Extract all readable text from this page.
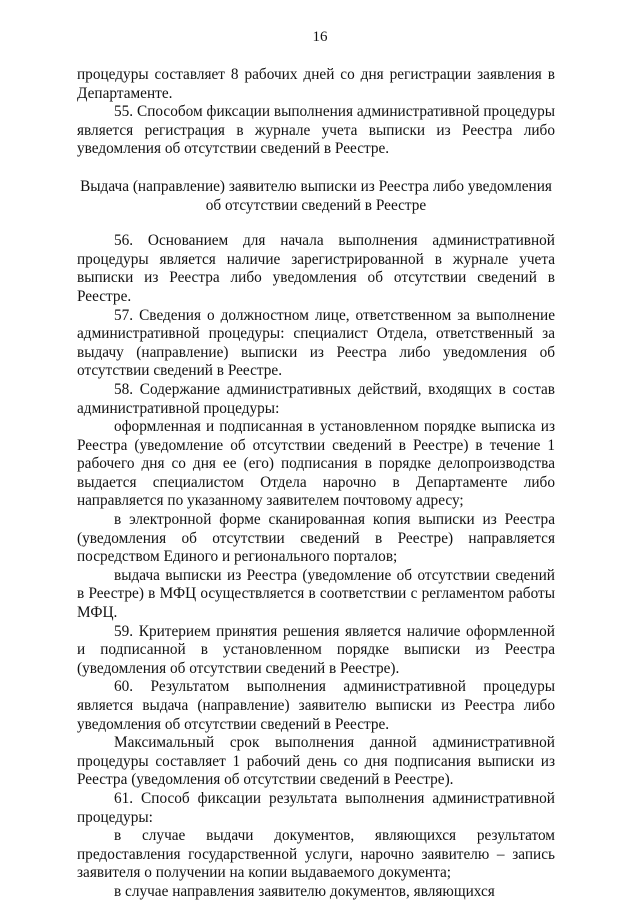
16

процедуры составляет 8 рабочих дней со дня регистрации заявления в Департаменте.

55. Способом фиксации выполнения административной процедуры является регистрация в журнале учета выписки из Реестра либо уведомления об отсутствии сведений в Реестре.

Выдача (направление) заявителю выписки из Реестра либо уведомления
об отсутствии сведений в Реестре

56. Основанием для начала выполнения административной процедуры является наличие зарегистрированной в журнале учета выписки из Реестра либо уведомления об отсутствии сведений в Реестре.

57. Сведения о должностном лице, ответственном за выполнение административной процедуры: специалист Отдела, ответственный за выдачу (направление) выписки из Реестра либо уведомления об отсутствии сведений в Реестре.

58. Содержание административных действий, входящих в состав административной процедуры:

оформленная и подписанная в установленном порядке выписка из Реестра (уведомление об отсутствии сведений в Реестре) в течение 1 рабочего дня со дня ее (его) подписания в порядке делопроизводства выдается специалистом Отдела нарочно в Департаменте либо направляется по указанному заявителем почтовому адресу;

в электронной форме сканированная копия выписки из Реестра (уведомления об отсутствии сведений в Реестре) направляется посредством Единого и регионального порталов;

выдача выписки из Реестра (уведомление об отсутствии сведений в Реестре) в МФЦ осуществляется в соответствии с регламентом работы МФЦ.

59. Критерием принятия решения является наличие оформленной и подписанной в установленном порядке выписки из Реестра (уведомления об отсутствии сведений в Реестре).

60. Результатом выполнения административной процедуры является выдача (направление) заявителю выписки из Реестра либо уведомления об отсутствии сведений в Реестре.

Максимальный срок выполнения данной административной процедуры составляет 1 рабочий день со дня подписания выписки из Реестра (уведомления об отсутствии сведений в Реестре).

61. Способ фиксации результата выполнения административной процедуры:

в случае выдачи документов, являющихся результатом предоставления государственной услуги, нарочно заявителю – запись заявителя о получении на копии выдаваемого документа;

в случае направления заявителю документов, являющихся
